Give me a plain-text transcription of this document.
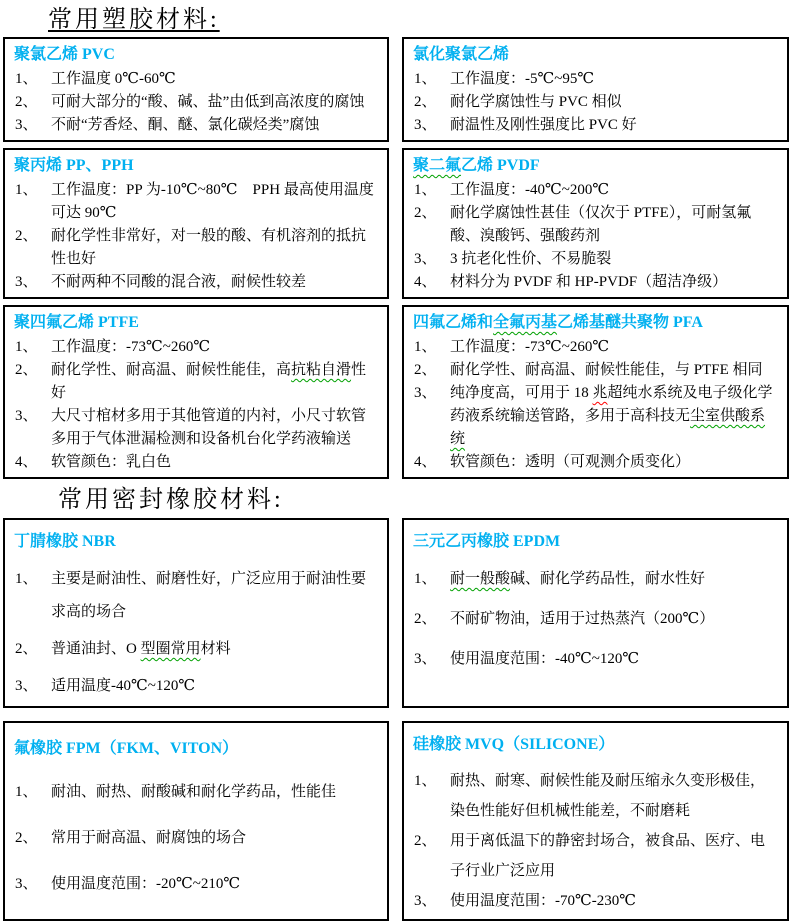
常用塑胶材料:
聚氯乙烯 PVC
1、 工作温度 0℃-60℃
2、 可耐大部分的“酸、碱、盐”由低到高浓度的腐蚀
3、 不耐“芳香烃、酮、醚、氯化碳烃类”腐蚀
氯化聚氯乙烯
1、 工作温度：-5℃~95℃
2、 耐化学腐蚀性与 PVC 相似
3、 耐温性及刚性强度比 PVC 好
聚丙烯 PP、PPH
1、 工作温度：PP 为-10℃~80℃　PPH 最高使用温度可达 90℃
2、 耐化学性非常好，对一般的酸、有机溶剂的抵抗性也好
3、 不耐两种不同酸的混合液，耐候性较差
聚二氟乙烯 PVDF
1、 工作温度：-40℃~200℃
2、 耐化学腐蚀性甚佳（仅次于 PTFE），可耐氢氟酸、溴酸钙、强酸药剂
3、 3 抗老化性价、不易脆裂
4、 材料分为 PVDF 和 HP-PVDF（超洁净级）
聚四氟乙烯 PTFE
1、 工作温度：-73℃~260℃
2、 耐化学性、耐高温、耐候性能佳，高抗粘自滑性好
3、 大尺寸棺材多用于其他管道的内衬，小尺寸软管多用于气体泄漏检测和设备机台化学药液输送
4、 软管颜色：乳白色
四氟乙烯和全氟丙基乙烯基醚共聚物 PFA
1、 工作温度：-73℃~260℃
2、 耐化学性、耐高温、耐候性能佳，与 PTFE 相同
3、 纯净度高，可用于 18 兆超纯水系统及电子级化学药液系统输送管路，多用于高科技无尘室供酸系统
4、 软管颜色：透明（可观测介质变化）
常用密封橡胶材料:
丁腈橡胶 NBR
1、 主要是耐油性、耐磨性好，广泛应用于耐油性要求高的场合
2、 普通油封、O 型圈常用材料
3、 适用温度-40℃~120℃
三元乙丙橡胶 EPDM
1、 耐一般酸碱、耐化学药品性，耐水性好
2、 不耐矿物油，适用于过热蒸汽（200℃）
3、 使用温度范围：-40℃~120℃
氟橡胶 FPM（FKM、VITON）
1、 耐油、耐热、耐酸碱和耐化学药品，性能佳
2、 常用于耐高温、耐腐蚀的场合
3、 使用温度范围：-20℃~210℃
硅橡胶 MVQ（SILICONE）
1、 耐热、耐寒、耐候性能及耐压缩永久变形极佳，染色性能好但机械性能差，不耐磨耗
2、 用于离低温下的静密封场合，被食品、医疗、电子行业广泛应用
3、 使用温度范围：-70℃-230℃
